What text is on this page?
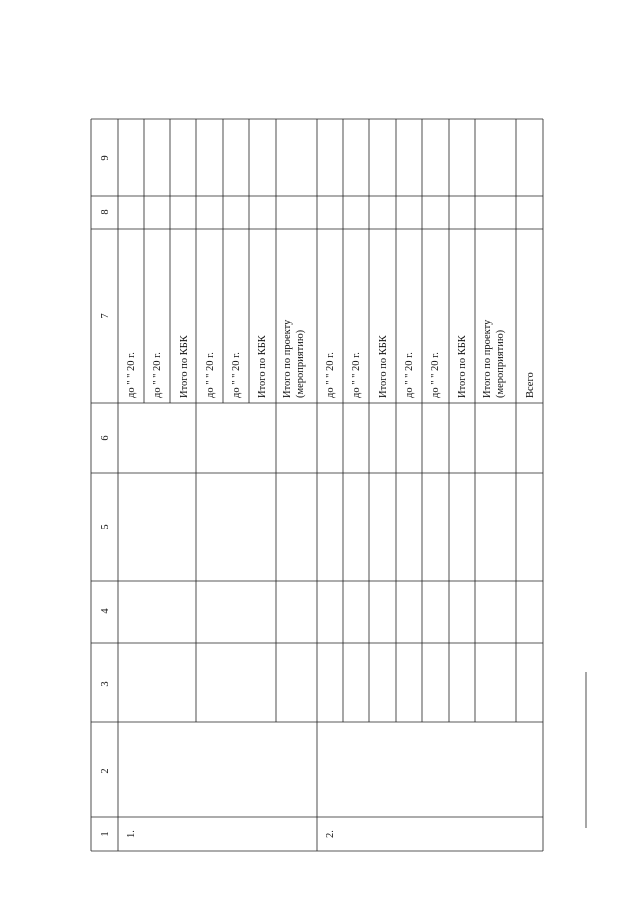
1
2
3
4
5
6
7
8
9
1.	2.
до " " 20 г. до " " 20 г. Итого по КБК до " " 20 г. до " " 20 г. Итого по КБК Итого по проекту (мероприятию) до " " 20 г. до " " 20 г. Итого по КБК до " " 20 г. до " " 20 г. Итого по КБК Итого по проекту (мероприятию) Всего
